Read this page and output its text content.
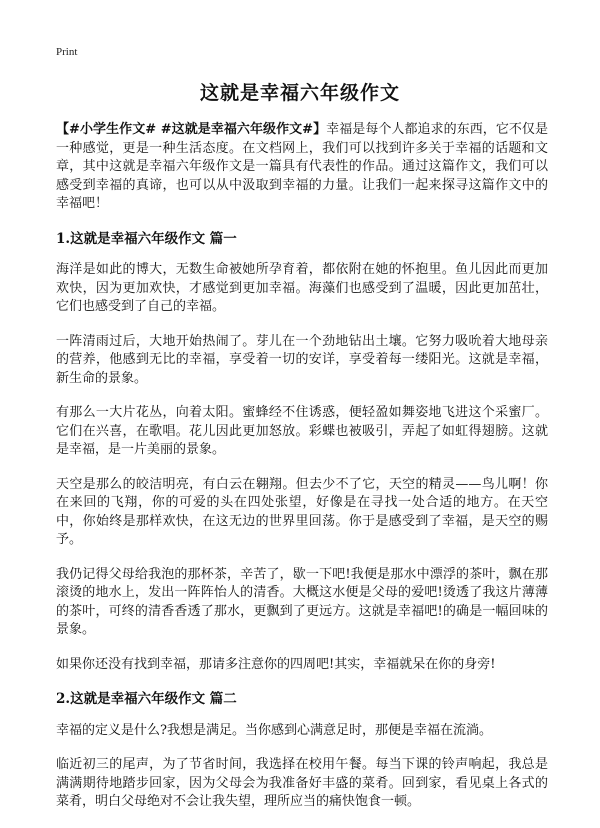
Print
这就是幸福六年级作文

【#小学生作文# #这就是幸福六年级作文#】幸福是每个人都追求的东西，它不仅是一种感觉，更是一种生活态度。在文档网上，我们可以找到许多关于幸福的话题和文章，其中这就是幸福六年级作文是一篇具有代表性的作品。通过这篇作文，我们可以感受到幸福的真谛，也可以从中汲取到幸福的力量。让我们一起来探寻这篇作文中的幸福吧！

1.这就是幸福六年级作文 篇一

海洋是如此的博大，无数生命被她所孕育着，都依附在她的怀抱里。鱼儿因此而更加欢快，因为更加欢快，才感觉到更加幸福。海藻们也感受到了温暖，因此更加茁壮，它们也感受到了自己的幸福。

一阵清雨过后，大地开始热闹了。芽儿在一个劲地钻出土壤。它努力吸吮着大地母亲的营养，他感到无比的幸福，享受着一切的安详，享受着每一缕阳光。这就是幸福，新生命的景象。

有那么一大片花丛，向着太阳。蜜蜂经不住诱惑，便轻盈如舞姿地飞进这个采蜜厂。它们在兴喜，在歌唱。花儿因此更加怒放。彩蝶也被吸引，弄起了如虹得翅膀。这就是幸福，是一片美丽的景象。

天空是那么的皎洁明亮，有白云在翱翔。但去少不了它，天空的精灵——鸟儿啊！你在来回的飞翔，你的可爱的头在四处张望，好像是在寻找一处合适的地方。在天空中，你始终是那样欢快，在这无边的世界里回荡。你于是感受到了幸福，是天空的赐予。

我仍记得父母给我泡的那杯茶，辛苦了，歇一下吧!我便是那水中漂浮的茶叶，飘在那滚烫的地水上，发出一阵阵怡人的清香。大概这水便是父母的爱吧!烫透了我这片薄薄的茶叶，可终的清香香透了那水，更飘到了更远方。这就是幸福吧!的确是一幅回味的景象。

如果你还没有找到幸福，那请多注意你的四周吧!其实，幸福就呆在你的身旁!

2.这就是幸福六年级作文 篇二

幸福的定义是什么?我想是满足。当你感到心满意足时，那便是幸福在流淌。

临近初三的尾声，为了节省时间，我选择在校用午餐。每当下课的铃声响起，我总是满满期待地踏步回家，因为父母会为我准备好丰盛的菜肴。回到家，看见桌上各式的菜肴，明白父母绝对不会让我失望，理所应当的痛快饱食一顿。
